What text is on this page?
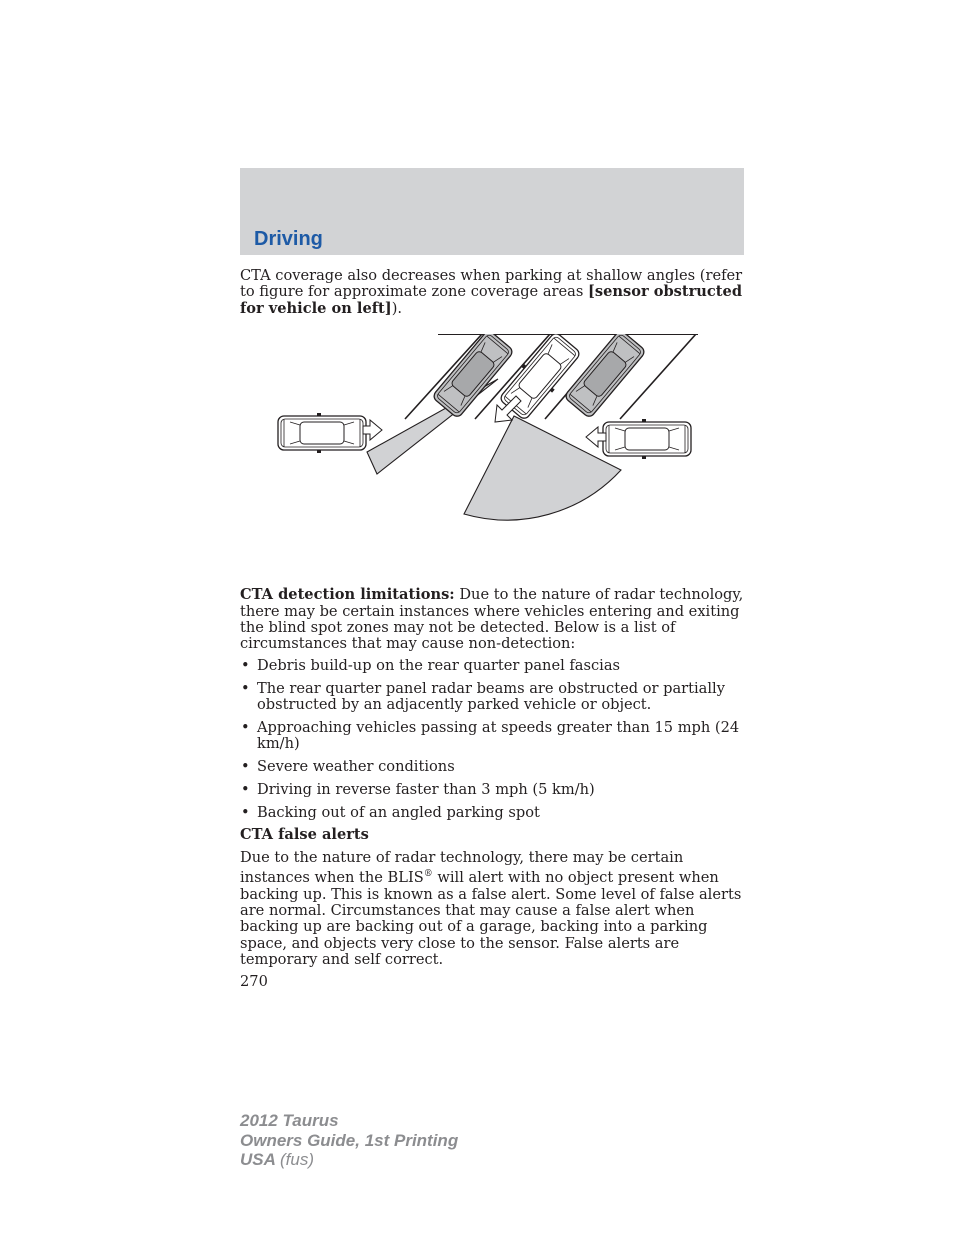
Driving

CTA coverage also decreases when parking at shallow angles (refer to figure for approximate zone coverage areas [sensor obstructed for vehicle on left]).

CTA detection limitations: Due to the nature of radar technology, there may be certain instances where vehicles entering and exiting the blind spot zones may not be detected. Below is a list of circumstances that may cause non-detection:

• Debris build-up on the rear quarter panel fascias
• The rear quarter panel radar beams are obstructed or partially obstructed by an adjacently parked vehicle or object.
• Approaching vehicles passing at speeds greater than 15 mph (24 km/h)
• Severe weather conditions
• Driving in reverse faster than 3 mph (5 km/h)
• Backing out of an angled parking spot

CTA false alerts

Due to the nature of radar technology, there may be certain instances when the BLIS® will alert with no object present when backing up. This is known as a false alert. Some level of false alerts are normal. Circumstances that may cause a false alert when backing up are backing out of a garage, backing into a parking space, and objects very close to the sensor. False alerts are temporary and self correct.

270

2012 Taurus
Owners Guide, 1st Printing
USA (fus)
